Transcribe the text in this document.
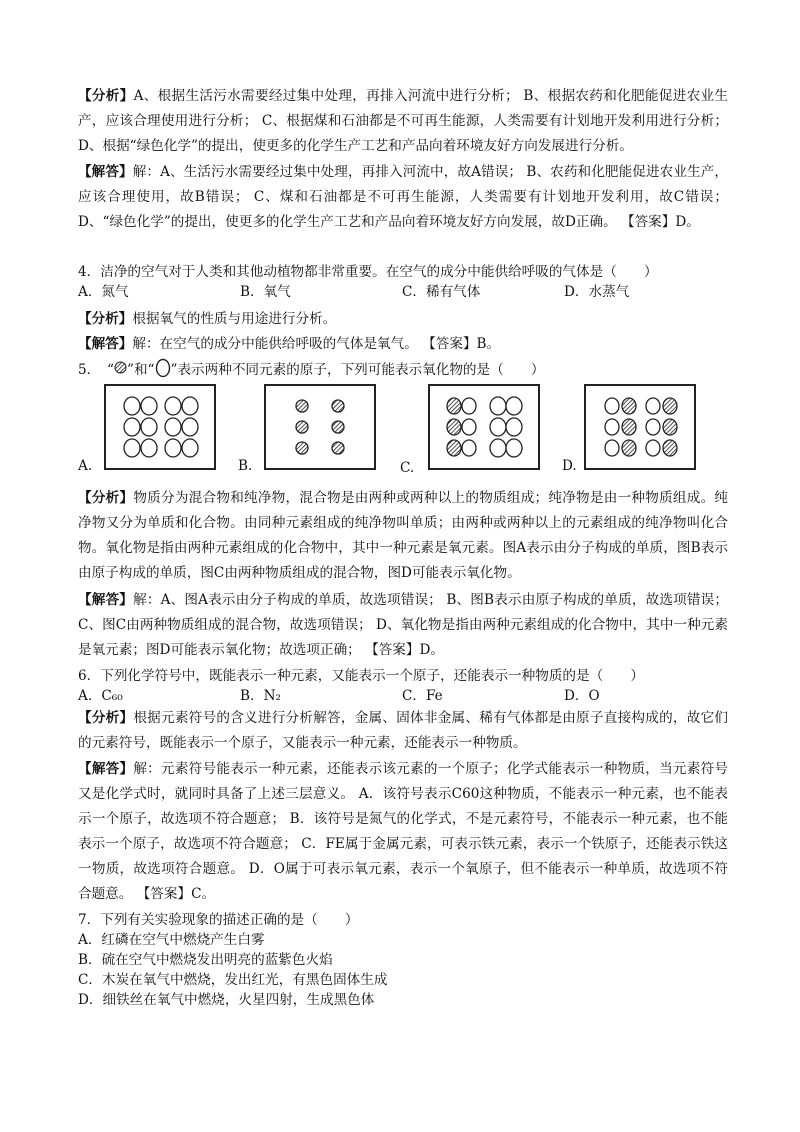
【分析】A、根据生活污水需要经过集中处理，再排入河流中进行分析； B、根据农药和化肥能促进农业生产，应该合理使用进行分析； C、根据煤和石油都是不可再生能源，人类需要有计划地开发利用进行分析； D、根据“绿色化学”的提出，使更多的化学生产工艺和产品向着环境友好方向发展进行分析。

【解答】解：A、生活污水需要经过集中处理，再排入河流中，故A错误； B、农药和化肥能促进农业生产，应该合理使用，故B错误； C、煤和石油都是不可再生能源，人类需要有计划地开发利用，故C错误； D、“绿色化学”的提出，使更多的化学生产工艺和产品向着环境友好方向发展，故D正确。 【答案】D。

4．洁净的空气对于人类和其他动植物都非常重要。在空气的成分中能供给呼吸的气体是（　　）

A．氮气	B．氧气	C．稀有气体	D．水蒸气

【分析】根据氧气的性质与用途进行分析。

【解答】解：在空气的成分中能供给呼吸的气体是氧气。 【答案】B。

5．　“ ”和“ ”表示两种不同元素的原子，下列可能表示氧化物的是（　　）

A.	B.	C.	D.

【分析】物质分为混合物和纯净物，混合物是由两种或两种以上的物质组成；纯净物是由一种物质组成。纯净物又分为单质和化合物。由同种元素组成的纯净物叫单质；由两种或两种以上的元素组成的纯净物叫化合物。氧化物是指由两种元素组成的化合物中，其中一种元素是氧元素。图A表示由分子构成的单质，图B表示由原子构成的单质，图C由两种物质组成的混合物，图D可能表示氧化物。

【解答】解：A、图A表示由分子构成的单质，故选项错误； B、图B表示由原子构成的单质，故选项错误； C、图C由两种物质组成的混合物，故选项错误； D、氧化物是指由两种元素组成的化合物中，其中一种元素是氧元素；图D可能表示氧化物；故选项正确； 【答案】D。

6．下列化学符号中，既能表示一种元素，又能表示一个原子，还能表示一种物质的是（　　）

A．C₆₀	B．N₂	C．Fe	D．O

【分析】根据元素符号的含义进行分析解答，金属、固体非金属、稀有气体都是由原子直接构成的，故它们的元素符号，既能表示一个原子，又能表示一种元素，还能表示一种物质。

【解答】解：元素符号能表示一种元素，还能表示该元素的一个原子；化学式能表示一种物质，当元素符号又是化学式时，就同时具备了上述三层意义。 A．该符号表示C60这种物质，不能表示一种元素，也不能表示一个原子，故选项不符合题意； B．该符号是氮气的化学式，不是元素符号，不能表示一种元素，也不能表示一个原子，故选项不符合题意； C．FE属于金属元素，可表示铁元素，表示一个铁原子，还能表示铁这一物质，故选项符合题意。 D．O属于可表示氧元素，表示一个氧原子，但不能表示一种单质，故选项不符合题意。 【答案】C。

7．下列有关实验现象的描述正确的是（　　）

A．红磷在空气中燃烧产生白雾

B．硫在空气中燃烧发出明亮的蓝紫色火焰

C．木炭在氧气中燃烧，发出红光，有黑色固体生成

D．细铁丝在氧气中燃烧，火星四射，生成黑色体
